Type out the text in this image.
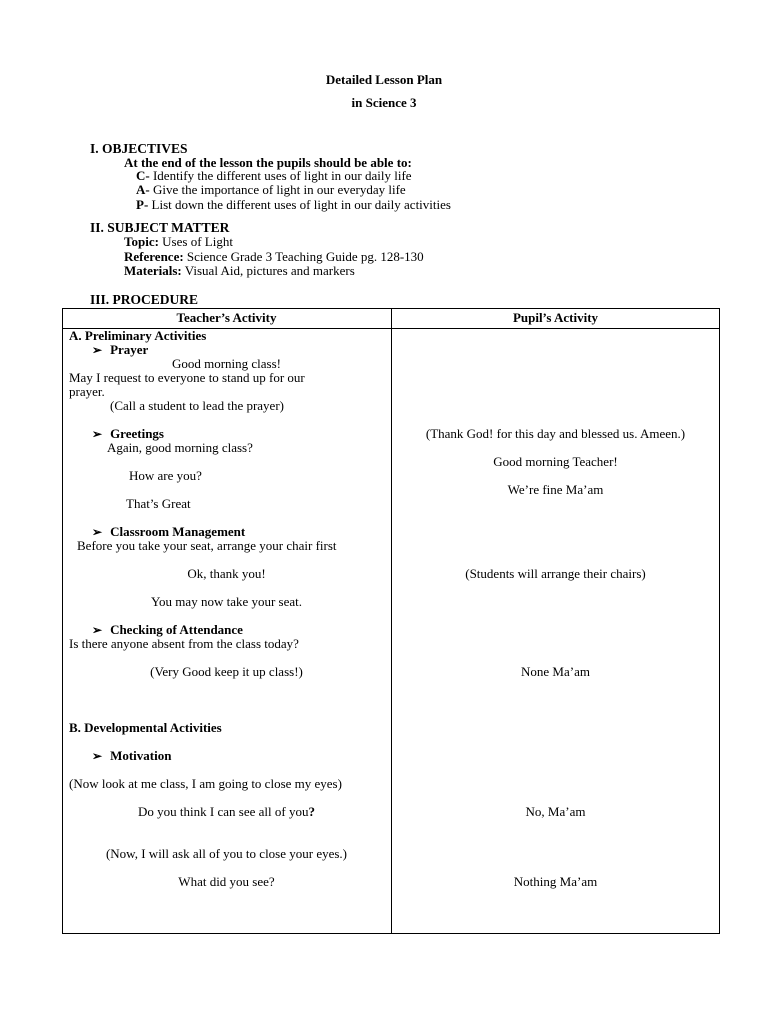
Detailed Lesson Plan
in Science 3
I. OBJECTIVES
At the end of the lesson the pupils should be able to:
C- Identify the different uses of light in our daily life
A- Give the importance of light in our everyday life
P- List down the different uses of light in our daily activities
II. SUBJECT MATTER
Topic: Uses of Light
Reference: Science Grade 3 Teaching Guide pg. 128-130
Materials: Visual Aid, pictures and markers
III. PROCEDURE
Teacher’s Activity	Pupil’s Activity
A. Preliminary Activities
➢ Prayer
Good morning class!
May I request to everyone to stand up for our
prayer.
(Call a student to lead the prayer)
➢ Greetings
Again, good morning class?
How are you?
That’s Great
➢ Classroom Management
Before you take your seat, arrange your chair first
Ok, thank you!
You may now take your seat.
➢ Checking of Attendance
Is there anyone absent from the class today?
(Very Good keep it up class!)
B. Developmental Activities
➢ Motivation
(Now look at me class, I am going to close my eyes)
Do you think I can see all of you?
(Now, I will ask all of you to close your eyes.)
What did you see?
(Thank God! for this day and blessed us. Ameen.)
Good morning Teacher!
We’re fine Ma’am
(Students will arrange their chairs)
None Ma’am
No, Ma’am
Nothing Ma’am
